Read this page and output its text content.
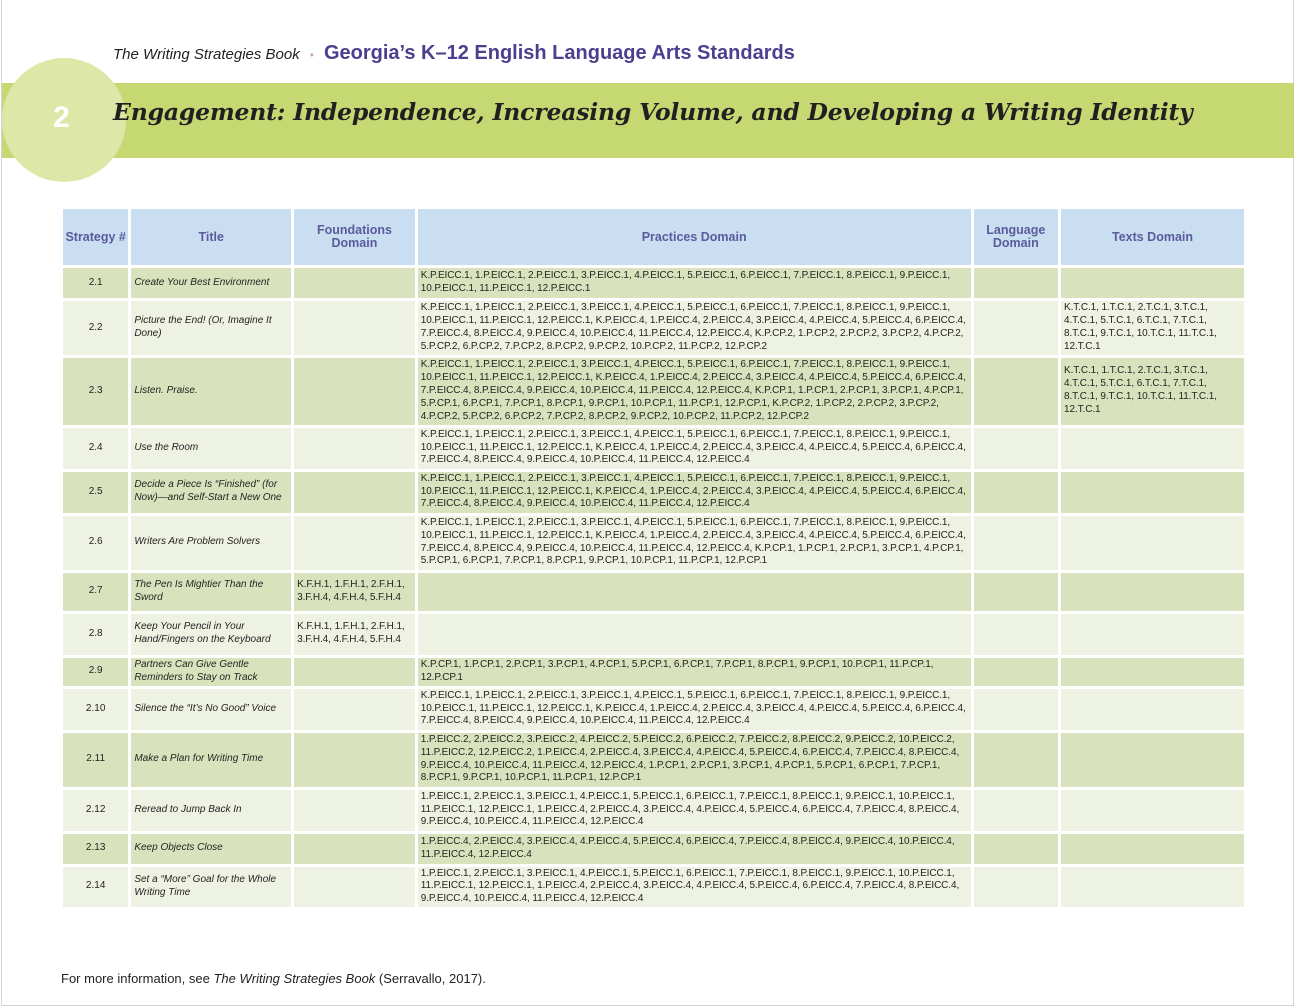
The Writing Strategies Book • Georgia’s K–12 English Language Arts Standards
2	Engagement: Independence, Increasing Volume, and Developing a Writing Identity
Strategy #	Title	Foundations Domain	Practices Domain	Language Domain	Texts Domain
2.1	Create Your Best Environment		K.P.EICC.1, 1.P.EICC.1, 2.P.EICC.1, 3.P.EICC.1, 4.P.EICC.1, 5.P.EICC.1, 6.P.EICC.1, 7.P.EICC.1, 8.P.EICC.1, 9.P.EICC.1, 10.P.EICC.1, 11.P.EICC.1, 12.P.EICC.1		
2.2	Picture the End! (Or, Imagine It Done)		K.P.EICC.1, 1.P.EICC.1, 2.P.EICC.1, 3.P.EICC.1, 4.P.EICC.1, 5.P.EICC.1, 6.P.EICC.1, 7.P.EICC.1, 8.P.EICC.1, 9.P.EICC.1, 10.P.EICC.1, 11.P.EICC.1, 12.P.EICC.1, K.P.EICC.4, 1.P.EICC.4, 2.P.EICC.4, 3.P.EICC.4, 4.P.EICC.4, 5.P.EICC.4, 6.P.EICC.4, 7.P.EICC.4, 8.P.EICC.4, 9.P.EICC.4, 10.P.EICC.4, 11.P.EICC.4, 12.P.EICC.4, K.P.CP.2, 1.P.CP.2, 2.P.CP.2, 3.P.CP.2, 4.P.CP.2, 5.P.CP.2, 6.P.CP.2, 7.P.CP.2, 8.P.CP.2, 9.P.CP.2, 10.P.CP.2, 11.P.CP.2, 12.P.CP.2		K.T.C.1, 1.T.C.1, 2.T.C.1, 3.T.C.1, 4.T.C.1, 5.T.C.1, 6.T.C.1, 7.T.C.1, 8.T.C.1, 9.T.C.1, 10.T.C.1, 11.T.C.1, 12.T.C.1
2.3	Listen. Praise.		K.P.EICC.1, 1.P.EICC.1, 2.P.EICC.1, 3.P.EICC.1, 4.P.EICC.1, 5.P.EICC.1, 6.P.EICC.1, 7.P.EICC.1, 8.P.EICC.1, 9.P.EICC.1, 10.P.EICC.1, 11.P.EICC.1, 12.P.EICC.1, K.P.EICC.4, 1.P.EICC.4, 2.P.EICC.4, 3.P.EICC.4, 4.P.EICC.4, 5.P.EICC.4, 6.P.EICC.4, 7.P.EICC.4, 8.P.EICC.4, 9.P.EICC.4, 10.P.EICC.4, 11.P.EICC.4, 12.P.EICC.4, K.P.CP.1, 1.P.CP.1, 2.P.CP.1, 3.P.CP.1, 4.P.CP.1, 5.P.CP.1, 6.P.CP.1, 7.P.CP.1, 8.P.CP.1, 9.P.CP.1, 10.P.CP.1, 11.P.CP.1, 12.P.CP.1, K.P.CP.2, 1.P.CP.2, 2.P.CP.2, 3.P.CP.2, 4.P.CP.2, 5.P.CP.2, 6.P.CP.2, 7.P.CP.2, 8.P.CP.2, 9.P.CP.2, 10.P.CP.2, 11.P.CP.2, 12.P.CP.2		K.T.C.1, 1.T.C.1, 2.T.C.1, 3.T.C.1, 4.T.C.1, 5.T.C.1, 6.T.C.1, 7.T.C.1, 8.T.C.1, 9.T.C.1, 10.T.C.1, 11.T.C.1, 12.T.C.1
2.4	Use the Room		K.P.EICC.1, 1.P.EICC.1, 2.P.EICC.1, 3.P.EICC.1, 4.P.EICC.1, 5.P.EICC.1, 6.P.EICC.1, 7.P.EICC.1, 8.P.EICC.1, 9.P.EICC.1, 10.P.EICC.1, 11.P.EICC.1, 12.P.EICC.1, K.P.EICC.4, 1.P.EICC.4, 2.P.EICC.4, 3.P.EICC.4, 4.P.EICC.4, 5.P.EICC.4, 6.P.EICC.4, 7.P.EICC.4, 8.P.EICC.4, 9.P.EICC.4, 10.P.EICC.4, 11.P.EICC.4, 12.P.EICC.4		
2.5	Decide a Piece Is “Finished” (for Now)—and Self-Start a New One		K.P.EICC.1, 1.P.EICC.1, 2.P.EICC.1, 3.P.EICC.1, 4.P.EICC.1, 5.P.EICC.1, 6.P.EICC.1, 7.P.EICC.1, 8.P.EICC.1, 9.P.EICC.1, 10.P.EICC.1, 11.P.EICC.1, 12.P.EICC.1, K.P.EICC.4, 1.P.EICC.4, 2.P.EICC.4, 3.P.EICC.4, 4.P.EICC.4, 5.P.EICC.4, 6.P.EICC.4, 7.P.EICC.4, 8.P.EICC.4, 9.P.EICC.4, 10.P.EICC.4, 11.P.EICC.4, 12.P.EICC.4		
2.6	Writers Are Problem Solvers		K.P.EICC.1, 1.P.EICC.1, 2.P.EICC.1, 3.P.EICC.1, 4.P.EICC.1, 5.P.EICC.1, 6.P.EICC.1, 7.P.EICC.1, 8.P.EICC.1, 9.P.EICC.1, 10.P.EICC.1, 11.P.EICC.1, 12.P.EICC.1, K.P.EICC.4, 1.P.EICC.4, 2.P.EICC.4, 3.P.EICC.4, 4.P.EICC.4, 5.P.EICC.4, 6.P.EICC.4, 7.P.EICC.4, 8.P.EICC.4, 9.P.EICC.4, 10.P.EICC.4, 11.P.EICC.4, 12.P.EICC.4, K.P.CP.1, 1.P.CP.1, 2.P.CP.1, 3.P.CP.1, 4.P.CP.1, 5.P.CP.1, 6.P.CP.1, 7.P.CP.1, 8.P.CP.1, 9.P.CP.1, 10.P.CP.1, 11.P.CP.1, 12.P.CP.1		
2.7	The Pen Is Mightier Than the Sword	K.F.H.1, 1.F.H.1, 2.F.H.1, 3.F.H.4, 4.F.H.4, 5.F.H.4			
2.8	Keep Your Pencil in Your Hand/Fingers on the Keyboard	K.F.H.1, 1.F.H.1, 2.F.H.1, 3.F.H.4, 4.F.H.4, 5.F.H.4			
2.9	Partners Can Give Gentle Reminders to Stay on Track		K.P.CP.1, 1.P.CP.1, 2.P.CP.1, 3.P.CP.1, 4.P.CP.1, 5.P.CP.1, 6.P.CP.1, 7.P.CP.1, 8.P.CP.1, 9.P.CP.1, 10.P.CP.1, 11.P.CP.1, 12.P.CP.1		
2.10	Silence the “It’s No Good” Voice		K.P.EICC.1, 1.P.EICC.1, 2.P.EICC.1, 3.P.EICC.1, 4.P.EICC.1, 5.P.EICC.1, 6.P.EICC.1, 7.P.EICC.1, 8.P.EICC.1, 9.P.EICC.1, 10.P.EICC.1, 11.P.EICC.1, 12.P.EICC.1, K.P.EICC.4, 1.P.EICC.4, 2.P.EICC.4, 3.P.EICC.4, 4.P.EICC.4, 5.P.EICC.4, 6.P.EICC.4, 7.P.EICC.4, 8.P.EICC.4, 9.P.EICC.4, 10.P.EICC.4, 11.P.EICC.4, 12.P.EICC.4		
2.11	Make a Plan for Writing Time		1.P.EICC.2, 2.P.EICC.2, 3.P.EICC.2, 4.P.EICC.2, 5.P.EICC.2, 6.P.EICC.2, 7.P.EICC.2, 8.P.EICC.2, 9.P.EICC.2, 10.P.EICC.2, 11.P.EICC.2, 12.P.EICC.2, 1.P.EICC.4, 2.P.EICC.4, 3.P.EICC.4, 4.P.EICC.4, 5.P.EICC.4, 6.P.EICC.4, 7.P.EICC.4, 8.P.EICC.4, 9.P.EICC.4, 10.P.EICC.4, 11.P.EICC.4, 12.P.EICC.4, 1.P.CP.1, 2.P.CP.1, 3.P.CP.1, 4.P.CP.1, 5.P.CP.1, 6.P.CP.1, 7.P.CP.1, 8.P.CP.1, 9.P.CP.1, 10.P.CP.1, 11.P.CP.1, 12.P.CP.1		
2.12	Reread to Jump Back In		1.P.EICC.1, 2.P.EICC.1, 3.P.EICC.1, 4.P.EICC.1, 5.P.EICC.1, 6.P.EICC.1, 7.P.EICC.1, 8.P.EICC.1, 9.P.EICC.1, 10.P.EICC.1, 11.P.EICC.1, 12.P.EICC.1, 1.P.EICC.4, 2.P.EICC.4, 3.P.EICC.4, 4.P.EICC.4, 5.P.EICC.4, 6.P.EICC.4, 7.P.EICC.4, 8.P.EICC.4, 9.P.EICC.4, 10.P.EICC.4, 11.P.EICC.4, 12.P.EICC.4		
2.13	Keep Objects Close		1.P.EICC.4, 2.P.EICC.4, 3.P.EICC.4, 4.P.EICC.4, 5.P.EICC.4, 6.P.EICC.4, 7.P.EICC.4, 8.P.EICC.4, 9.P.EICC.4, 10.P.EICC.4, 11.P.EICC.4, 12.P.EICC.4		
2.14	Set a “More” Goal for the Whole Writing Time		1.P.EICC.1, 2.P.EICC.1, 3.P.EICC.1, 4.P.EICC.1, 5.P.EICC.1, 6.P.EICC.1, 7.P.EICC.1, 8.P.EICC.1, 9.P.EICC.1, 10.P.EICC.1, 11.P.EICC.1, 12.P.EICC.1, 1.P.EICC.4, 2.P.EICC.4, 3.P.EICC.4, 4.P.EICC.4, 5.P.EICC.4, 6.P.EICC.4, 7.P.EICC.4, 8.P.EICC.4, 9.P.EICC.4, 10.P.EICC.4, 11.P.EICC.4, 12.P.EICC.4		
For more information, see The Writing Strategies Book (Serravallo, 2017).
